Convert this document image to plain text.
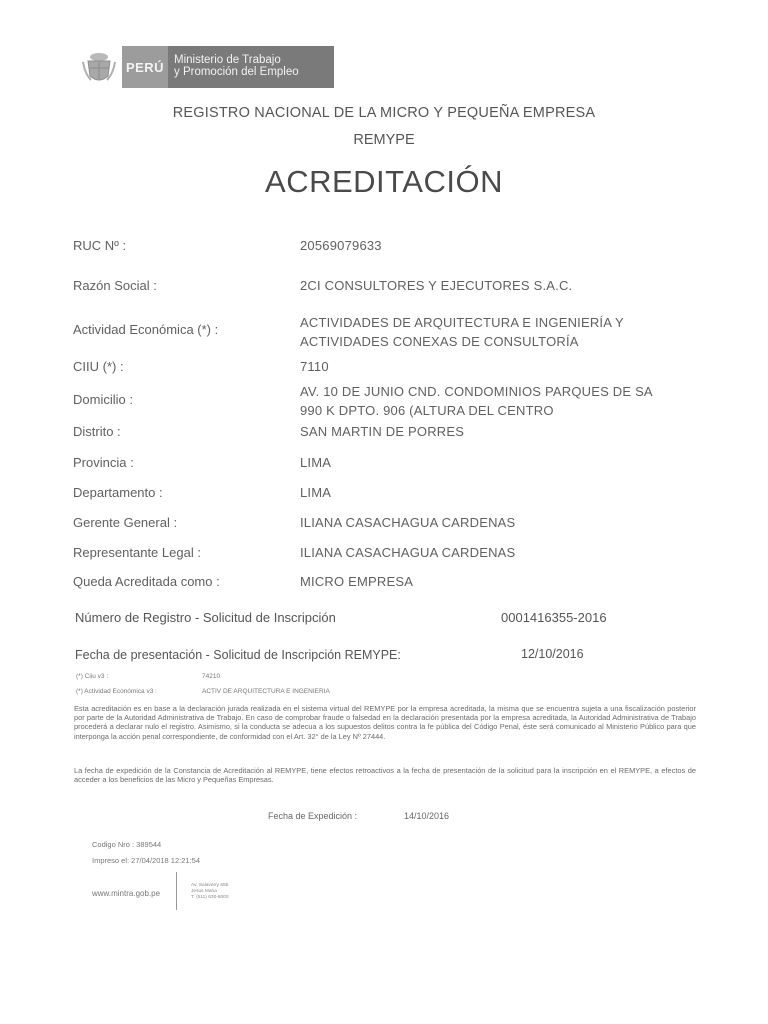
PERÚ Ministerio de Trabajo
y Promoción del Empleo
REGISTRO NACIONAL DE LA MICRO Y PEQUEÑA EMPRESA
REMYPE
ACREDITACIÓN
RUC Nº :	20569079633
Razón Social :	2CI CONSULTORES Y EJECUTORES S.A.C.
Actividad Económica (*) :	ACTIVIDADES DE ARQUITECTURA E INGENIERÍA Y
ACTIVIDADES CONEXAS DE CONSULTORÍA
CIIU (*) :	7110
Domicilio :
AV. 10 DE JUNIO CND. CONDOMINIOS PARQUES DE SA
990 K DPTO. 906 (ALTURA DEL CENTRO
Distrito :	SAN MARTIN DE PORRES
Provincia :	LIMA
Departamento :	LIMA
Gerente General :	ILIANA CASACHAGUA CARDENAS
Representante Legal :	ILIANA CASACHAGUA CARDENAS
Queda Acreditada como :	MICRO EMPRESA
Número de Registro - Solicitud de Inscripción	0001416355-2016
Fecha de presentación - Solicitud de Inscripción REMYPE:	12/10/2016
(*) Ciiu v3 :	74210
(*) Actividad Económica v3 :	ACTIV DE ARQUITECTURA E INGENIERIA
Esta acreditación es en base a la declaración jurada realizada en el sistema virtual del REMYPE por la empresa acreditada, la misma que se encuentra sujeta a una fiscalización posterior por parte de la Autoridad Administrativa de Trabajo. En caso de comprobar fraude o falsedad en la declaración presentada por la empresa acreditada, la Autoridad Administrativa de Trabajo procederá a declarar nulo el registro. Asimismo, si la conducta se adecua a los supuestos delitos contra la fe pública del Código Penal, éste será comunicado al Ministerio Público para que interponga la acción penal correspondiente, de conformidad con el Art. 32° de la Ley Nº 27444.
La fecha de expedición de la Constancia de Acreditación al REMYPE, tiene efectos retroactivos a la fecha de presentación de la solicitud para la inscripción en el REMYPE, a efectos de acceder a los beneficios de las Micro y Pequeñas Empresas.
Fecha de Expedición :	14/10/2016
Codigo Nro : 389544
Impreso el: 27/04/2018 12:21:54
www.mintra.gob.pe
Av. Salaverry 655
Jesus Maria
T. (511) 630-6000
